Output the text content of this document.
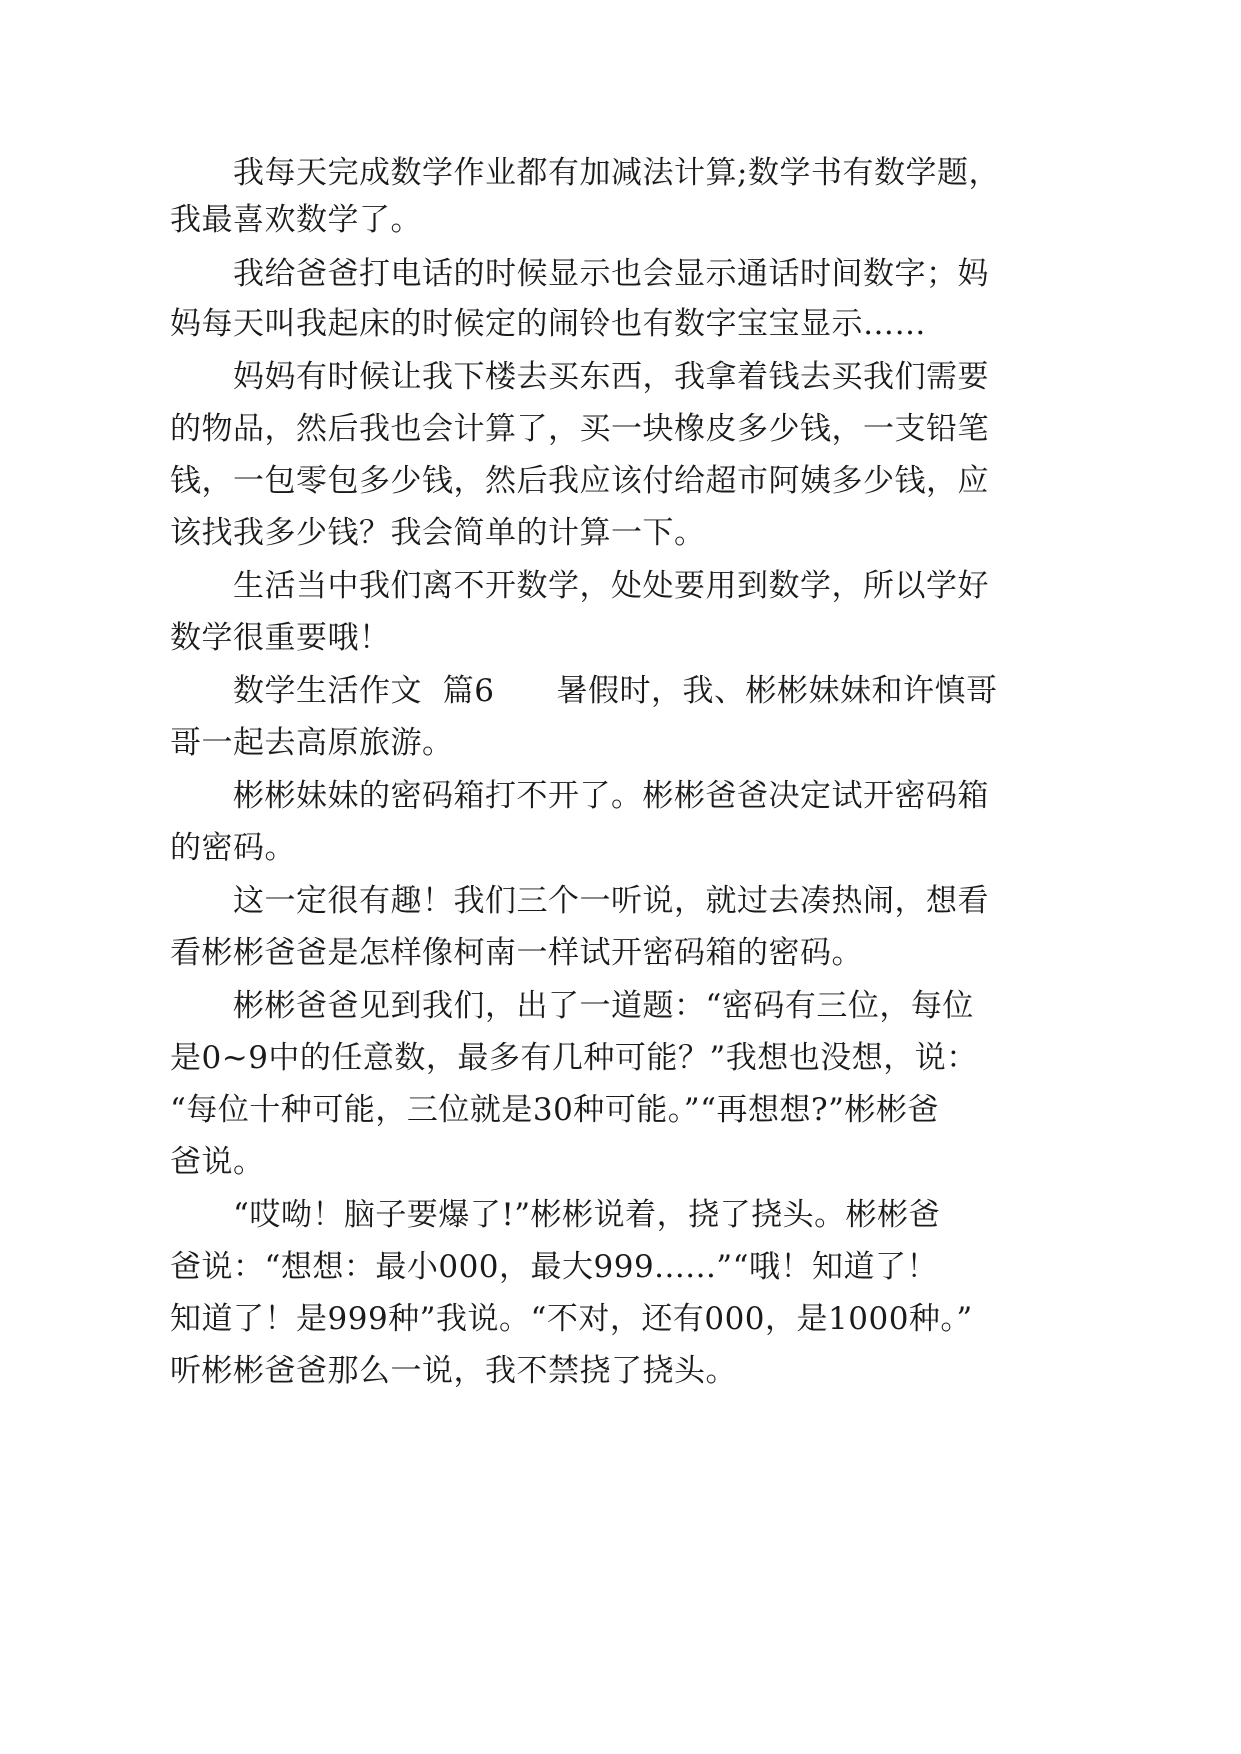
我每天完成数学作业都有加减法计算;数学书有数学题，
我最喜欢数学了。
我给爸爸打电话的时候显示也会显示通话时间数字；妈
妈每天叫我起床的时候定的闹铃也有数字宝宝显示……
妈妈有时候让我下楼去买东西，我拿着钱去买我们需要
的物品，然后我也会计算了，买一块橡皮多少钱，一支铅笔
钱，一包零包多少钱，然后我应该付给超市阿姨多少钱，应
该找我多少钱？我会简单的计算一下。
生活当中我们离不开数学，处处要用到数学，所以学好
数学很重要哦！
数学生活作文  篇6      暑假时，我、彬彬妹妹和许慎哥
哥一起去高原旅游。
彬彬妹妹的密码箱打不开了。彬彬爸爸决定试开密码箱
的密码。
这一定很有趣！我们三个一听说，就过去凑热闹，想看
看彬彬爸爸是怎样像柯南一样试开密码箱的密码。
彬彬爸爸见到我们，出了一道题：“密码有三位，每位
是0~9中的任意数，最多有几种可能？”我想也没想，说：
“每位十种可能，三位就是30种可能。”“再想想?”彬彬爸
爸说。
“哎呦！脑子要爆了!”彬彬说着，挠了挠头。彬彬爸
爸说：“想想：最小000，最大999......”“哦！知道了！
知道了！是999种”我说。“不对，还有000，是1000种。”
听彬彬爸爸那么一说，我不禁挠了挠头。
